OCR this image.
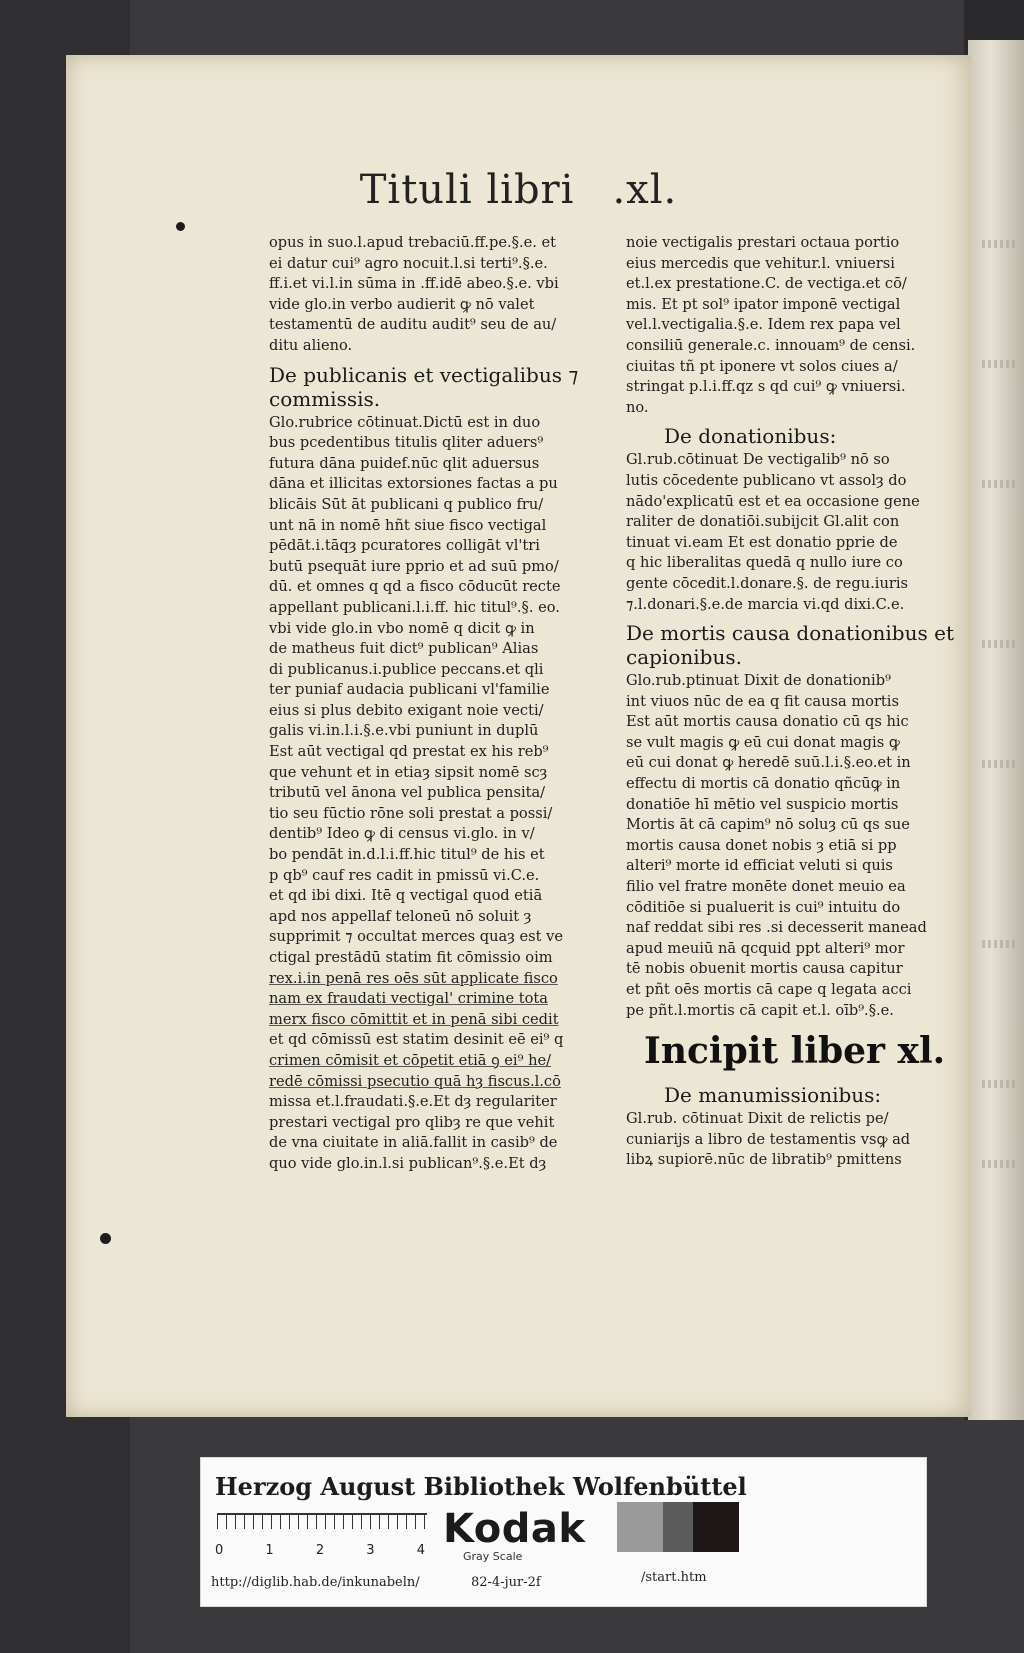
Tituli libri .xl.
opus in suo.l.apud trebaciū.ff.pe.§.e. et
ei datur cui⁹ agro nocuit.l.si terti⁹.§.e.
ff.i.et vi.l.in sūma in .ff.idē abeo.§.e. vbi
vide glo.in verbo audierit ꝙ nō valet
testamentū de auditu audit⁹ seu de au/
ditu alieno.
De publicanis et vectigalibus ⁊ commissis.
Glo.rubrice cōtinuat.Dictū est in duo
bus pcedentibus titulis qliter aduers⁹
futura dāna puidef.nūc qlit aduersus
dāna et illicitas extorsiones factas a pu
blicāis Sūt āt publicani q publico fru/
unt nā in nomē hñt siue fisco vectigal
pēdāt.i.tāqȝ pcuratores colligāt vl'tri
butū psequāt iure pprio et ad suū pmo/
dū. et omnes q qd a fisco cōducūt recte
appellant publicani.l.i.ff. hic titul⁹.§. eo.
vbi vide glo.in vbo nomē q dicit ꝙ in
de matheus fuit dict⁹ publican⁹ Alias
di publicanus.i.publice peccans.et qli
ter puniaf audacia publicani vl'familie
eius si plus debito exigant noie vecti/
galis vi.in.l.i.§.e.vbi puniunt in duplū
Est aūt vectigal qd prestat ex his reb⁹
que vehunt et in etiaȝ sipsit nomē scȝ
tributū vel ānona vel publica pensita/
tio seu fūctio rōne soli prestat a possi/
dentib⁹ Ideo ꝙ di census vi.glo. in v/
bo pendāt in.d.l.i.ff.hic titul⁹ de his et
p qb⁹ cauf res cadit in pmissū vi.C.e.
et qd ibi dixi. Itē q vectigal quod etiā
apd nos appellaf teloneū nō soluit ȝ
supprimit ⁊ occultat merces quaȝ est ve
ctigal prestādū statim fit cōmissio oim
rex.i.in penā res oēs sūt applicate fisco
nam ex fraudati vectigal' crimine tota
merx fisco cōmittit et in penā sibi cedit
et qd cōmissū est statim desinit eē ei⁹ q
crimen cōmisit et cōpetit etiā ꝯ ei⁹ he/
redē cōmissi psecutio quā hȝ fiscus.l.cō
missa et.l.fraudati.§.e.Et dȝ regulariter
prestari vectigal pro qlibȝ re que vehit
de vna ciuitate in aliā.fallit in casib⁹ de
quo vide glo.in.l.si publican⁹.§.e.Et dȝ
noie vectigalis prestari octaua portio
eius mercedis que vehitur.l. vniuersi
et.l.ex prestatione.C. de vectiga.et cō/
mis. Et pt sol⁹ ipator imponē vectigal
vel.l.vectigalia.§.e. Idem rex papa vel
consiliū generale.c. innouam⁹ de censi.
ciuitas tñ pt iponere vt solos ciues a/
stringat p.l.i.ff.qz s qd cui⁹ ꝙ vniuersi.
no.
De donationibus:
Gl.rub.cōtinuat De vectigalib⁹ nō so
lutis cōcedente publicano vt assolȝ do
nādo'explicatū est et ea occasione gene
raliter de donatiōi.subijcit Gl.alit con
tinuat vi.eam Et est donatio pprie de
q hic liberalitas quedā q nullo iure co
gente cōcedit.l.donare.§. de regu.iuris
⁊.l.donari.§.e.de marcia vi.qd dixi.C.e.
De mortis causa donationibus et capionibus.
Glo.rub.ptinuat Dixit de donationib⁹
int viuos nūc de ea q fit causa mortis
Est aūt mortis causa donatio cū qs hic
se vult magis ꝙ eū cui donat magis ꝙ
eū cui donat ꝙ heredē suū.l.i.§.eo.et in
effectu di mortis cā donatio qñcūꝙ in
donatiōe hī mētio vel suspicio mortis
Mortis āt cā capim⁹ nō soluȝ cū qs sue
mortis causa donet nobis ȝ etiā si pp
alteri⁹ morte id efficiat veluti si quis
filio vel fratre monēte donet meuio ea
cōditiōe si pualuerit is cui⁹ intuitu do
naf reddat sibi res .si decesserit manead
apud meuiū nā qcquid ppt alteri⁹ mor
tē nobis obuenit mortis causa capitur
et pñt oēs mortis cā cape q legata acci
pe pñt.l.mortis cā capit et.l. oīb⁹.§.e.
Incipit liber xl.
De manumissionibus:
Gl.rub. cōtinuat Dixit de relictis pe/
cuniarijs a libro de testamentis vsꝙ ad
libꝝ supiorē.nūc de libratib⁹ pmittens
Herzog August Bibliothek Wolfenbüttel
0	1	2	3	4 Kodak
Gray Scale
http://diglib.hab.de/inkunabeln/	82-4-jur-2f	/start.htm
